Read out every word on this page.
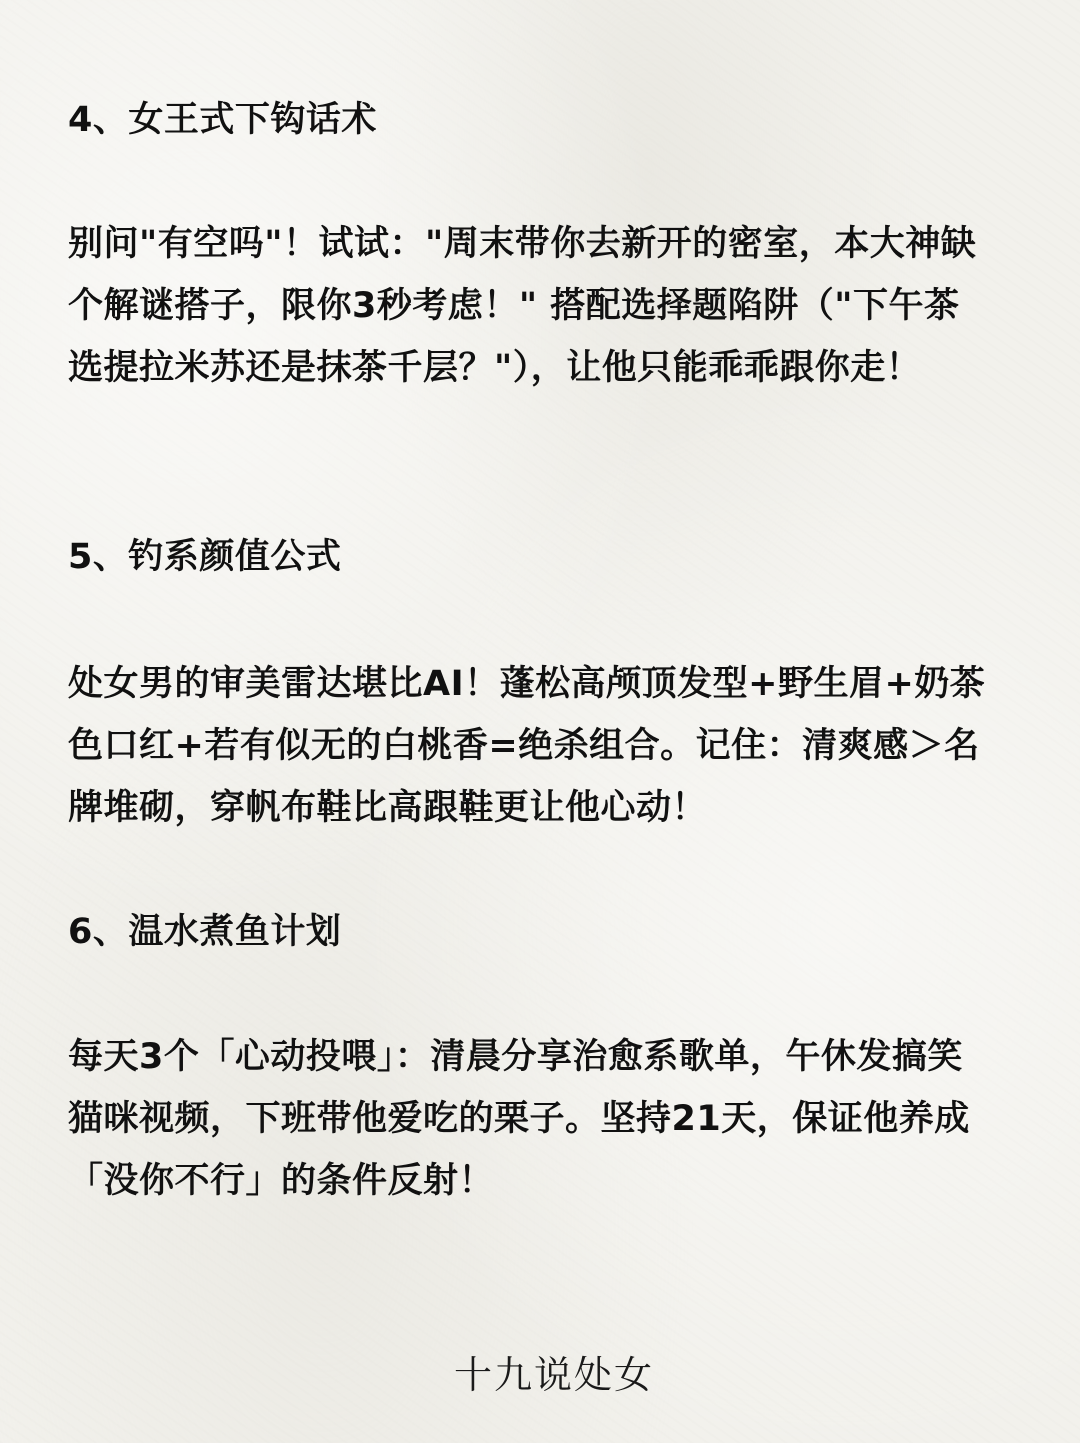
4、女王式下钩话术

别问"有空吗"！试试："周末带你去新开的密室，本大神缺个解谜搭子，限你3秒考虑！" 搭配选择题陷阱（"下午茶选提拉米苏还是抹茶千层？"），让他只能乖乖跟你走！

5、钓系颜值公式

处女男的审美雷达堪比AI！蓬松高颅顶发型+野生眉+奶茶色口红+若有似无的白桃香=绝杀组合。记住：清爽感＞名牌堆砌，穿帆布鞋比高跟鞋更让他心动！

6、温水煮鱼计划

每天3个「心动投喂」：清晨分享治愈系歌单，午休发搞笑猫咪视频，下班带他爱吃的栗子。坚持21天，保证他养成「没你不行」的条件反射！

十九说处女
